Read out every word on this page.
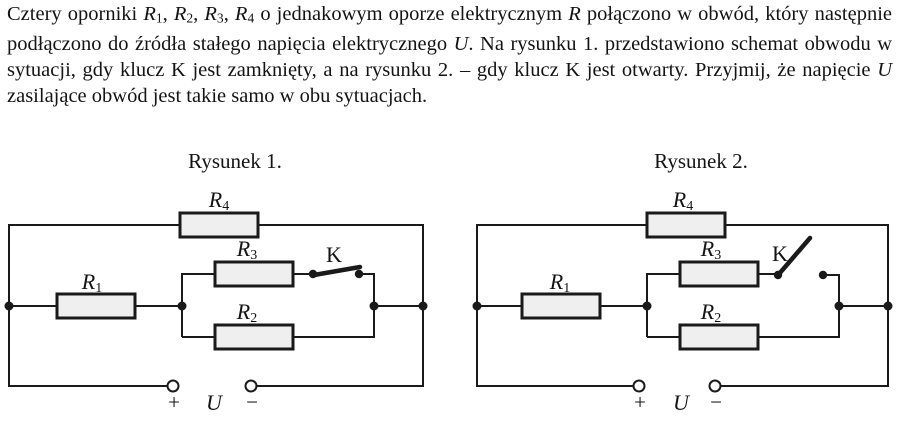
Cztery oporniki R1, R2, R3, R4 o jednakowym oporze elektrycznym R połączono w obwód, który następnie podłączono do źródła stałego napięcia elektrycznego U. Na rysunku 1. przedstawiono schemat obwodu w sytuacji, gdy klucz K jest zamknięty, a na rysunku 2. – gdy klucz K jest otwarty. Przyjmij, że napięcie U zasilające obwód jest takie samo w obu sytuacjach.

Rysunek 1.	Rysunek 2.
R4
R1
R3
R2
K
+ U −
R4
R1
R3
R2
K
+ U −
